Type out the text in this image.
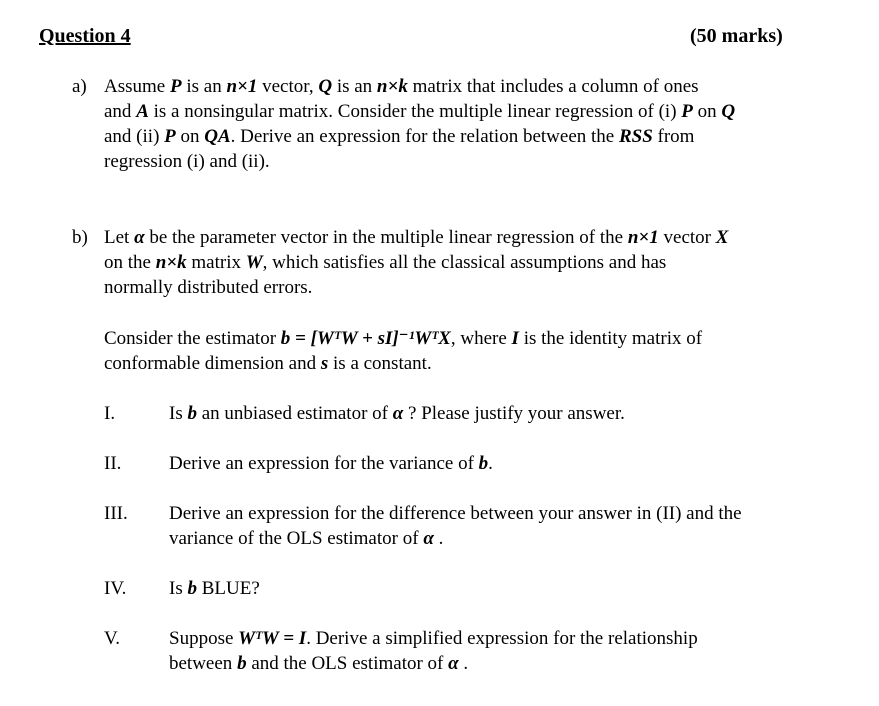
Question 4	(50 marks)
a) Assume P is an n×1 vector, Q is an n×k matrix that includes a column of ones
and A is a nonsingular matrix. Consider the multiple linear regression of (i) P on Q
and (ii) P on QA. Derive an expression for the relation between the RSS from
regression (i) and (ii).
b) Let α be the parameter vector in the multiple linear regression of the n×1 vector X
on the n×k matrix W, which satisfies all the classical assumptions and has
normally distributed errors.
Consider the estimator b = [WᵀW + sI]⁻¹WᵀX, where I is the identity matrix of
conformable dimension and s is a constant.
I.	Is b an unbiased estimator of α ? Please justify your answer.
II.	Derive an expression for the variance of b.
III. Derive an expression for the difference between your answer in (II) and the
variance of the OLS estimator of α .
IV. Is b BLUE?
V.	Suppose WᵀW = I. Derive a simplified expression for the relationship
between b and the OLS estimator of α .
